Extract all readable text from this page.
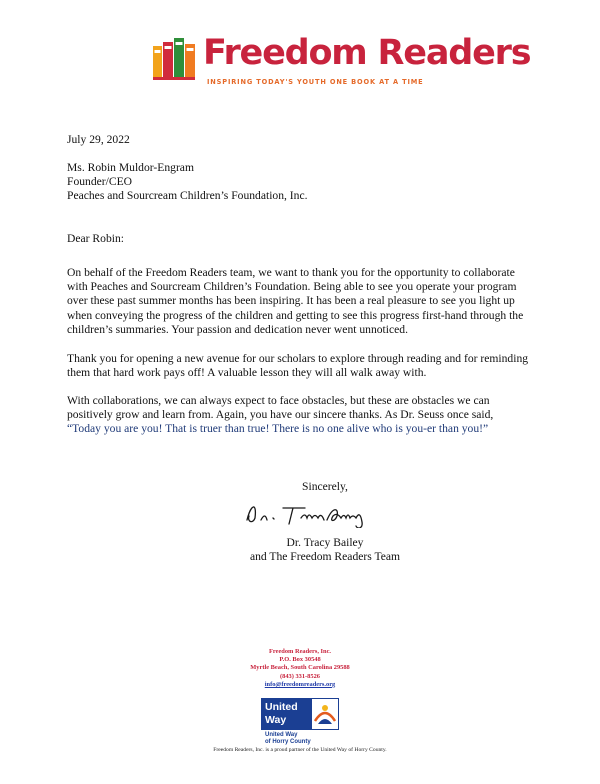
Freedom Readers
INSPIRING TODAY'S YOUTH ONE BOOK AT A TIME
July 29, 2022
Ms. Robin Muldor-Engram
Founder/CEO
Peaches and Sourcream Children’s Foundation, Inc.
Dear Robin:
On behalf of the Freedom Readers team, we want to thank you for the opportunity to collaborate
with Peaches and Sourcream Children’s Foundation. Being able to see you operate your program
over these past summer months has been inspiring. It has been a real pleasure to see you light up
when conveying the progress of the children and getting to see this progress first-hand through the
children’s summaries. Your passion and dedication never went unnoticed.
Thank you for opening a new avenue for our scholars to explore through reading and for reminding
them that hard work pays off! A valuable lesson they will all walk away with.
With collaborations, we can always expect to face obstacles, but these are obstacles we can
positively grow and learn from. Again, you have our sincere thanks. As Dr. Seuss once said,
“Today you are you! That is truer than true! There is no one alive who is you-er than you!”
Sincerely,
Dr. Tracy Bailey
and The Freedom Readers Team
Freedom Readers, Inc.
P.O. Box 30548
Myrtle Beach, South Carolina 29588
(843) 331-8526
info@freedomreaders.org
United
Way
United Way
of Horry County
Freedom Readers, Inc. is a proud partner of the United Way of Horry County.
